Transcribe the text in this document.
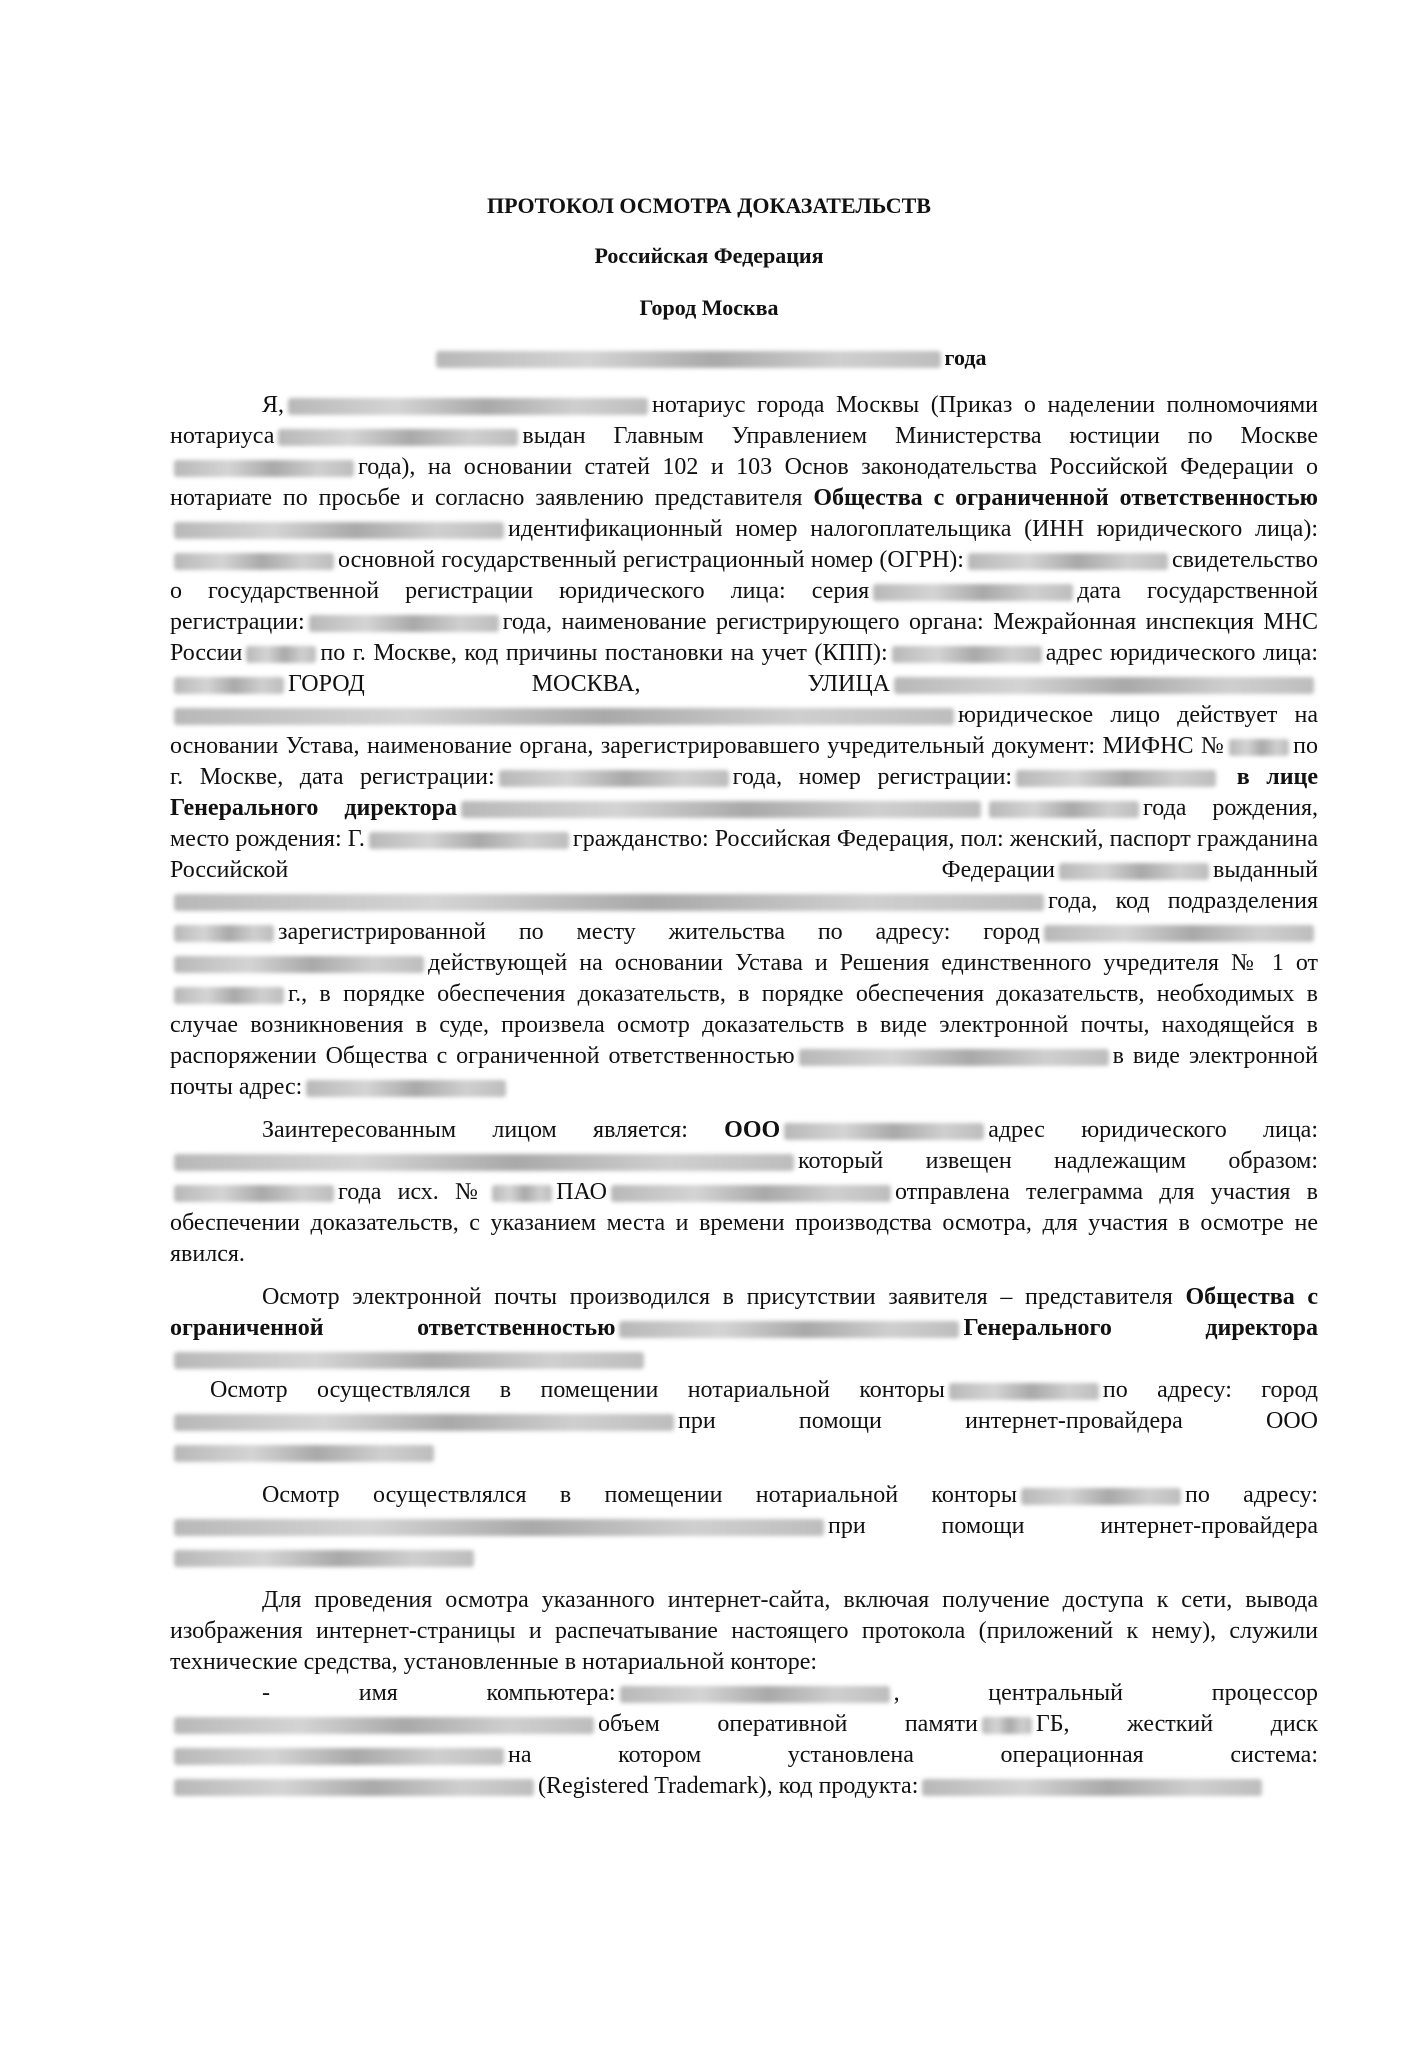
ПРОТОКОЛ ОСМОТРА ДОКАЗАТЕЛЬСТВ
Российская Федерация
Город Москва
года

Я,	нотариус города Москвы (Приказ о наделении полномочиями нотариуса	выдан Главным Управлением Министерства юстиции по Москвегода), на основании статей 102 и 103 Основ законодательства Российской Федерации о нотариате по просьбе и согласно заявлению представителя Общества с ограниченной ответственностьюидентификационный номер налогоплательщика (ИНН юридического лица):основной государственный регистрационный номер (ОГРН):	свидетельство о государственной регистрации юридического лица: серия	дата государственной регистрации:	года, наименование регистрирующего органа: Межрайонная инспекция МНС России	по г. Москве, код причины постановки на учет (КПП):	адрес юридического лица:ГОРОД МОСКВА, УЛИЦАюридическое лицо действует на основании Устава, наименование органа, зарегистрировавшего учредительный документ: МИФНС №	по г. Москве, дата регистрации:	года, номер регистрации:	в лице Генерального директора	года рождения, место рождения: Г.	гражданство: Российская Федерация, пол: женский, паспорт гражданина Российской Федерации	выданныйгода, код подразделениязарегистрированной по месту жительства по адресу: городдействующей на основании Устава и Решения единственного учредителя № 1 отг., в порядке обеспечения доказательств, в порядке обеспечения доказательств, необходимых в случае возникновения в суде, произвела осмотр доказательств в виде электронной почты, находящейся в распоряжении Общества с ограниченной ответственностью	в виде электронной почты адрес:

Заинтересованным лицом является: ООО	адрес юридического лица:который извещен надлежащим образом:года исх. №	ПАО	отправлена телеграмма для участия в обеспечении доказательств, с указанием места и времени производства осмотра, для участия в осмотре не явился.

Осмотр электронной почты производился в присутствии заявителя – представителя Общества с ограниченной ответственностью	Генерального директора

Осмотр осуществлялся в помещении нотариальной конторы	по адресу: городпри помощи интернет-провайдера ООО

Осмотр осуществлялся в помещении нотариальной конторы	по адресу:при помощи интернет-провайдера

Для проведения осмотра указанного интернет-сайта, включая получение доступа к сети, вывода изображения интернет-страницы и распечатывание настоящего протокола (приложений к нему), служили технические средства, установленные в нотариальной конторе:

- имя компьютера:	, центральный процессоробъем оперативной памяти ГБ, жесткий дискна котором установлена операционная система:(Registered Trademark), код продукта:
